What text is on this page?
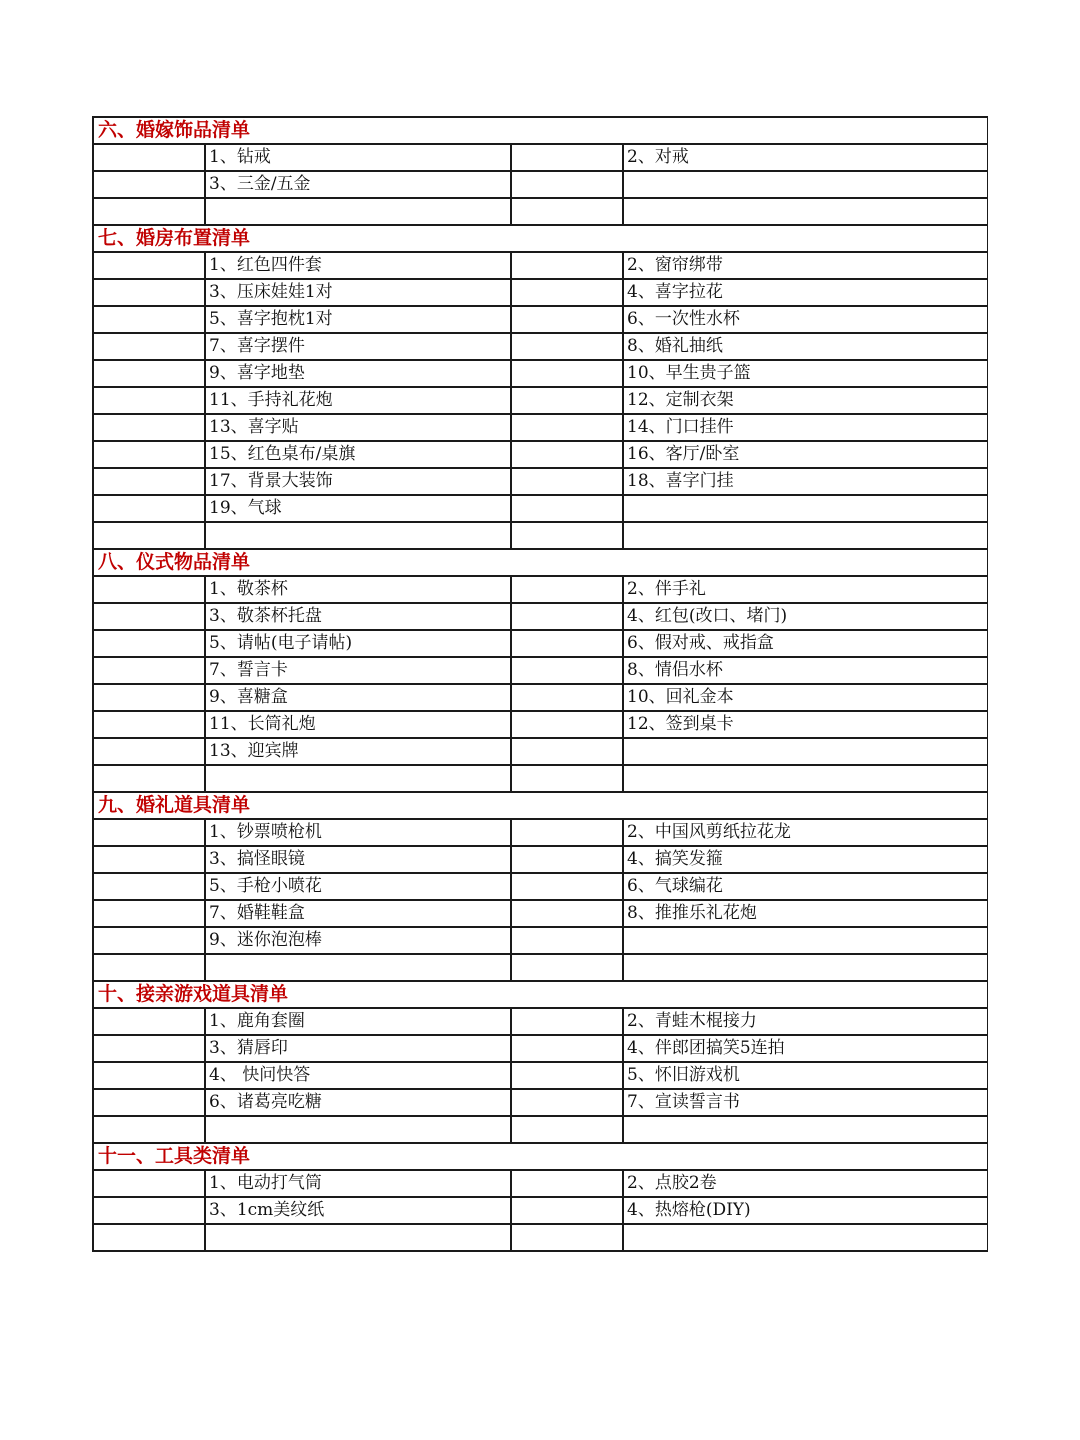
六、婚嫁饰品清单			
	1、钻戒		2、对戒
	3、三金/五金		

七、婚房布置清单			
	1、红色四件套		2、窗帘绑带
	3、压床娃娃1对		4、喜字拉花
	5、喜字抱枕1对		6、一次性水杯
	7、喜字摆件		8、婚礼抽纸
	9、喜字地垫		10、早生贵子篮
	11、手持礼花炮		12、定制衣架
	13、喜字贴		14、门口挂件
	15、红色桌布/桌旗		16、客厅/卧室
	17、背景大装饰		18、喜字门挂
	19、气球		

八、仪式物品清单			
	1、敬茶杯		2、伴手礼
	3、敬茶杯托盘		4、红包(改口、堵门)
	5、请帖(电子请帖)		6、假对戒、戒指盒
	7、誓言卡		8、情侣水杯
	9、喜糖盒		10、回礼金本
	11、长筒礼炮		12、签到桌卡
	13、迎宾牌		

九、婚礼道具清单			
	1、钞票喷枪机		2、中国风剪纸拉花龙
	3、搞怪眼镜		4、搞笑发箍
	5、手枪小喷花		6、气球编花
	7、婚鞋鞋盒		8、推推乐礼花炮
	9、迷你泡泡棒		

十、接亲游戏道具清单			
	1、鹿角套圈		2、青蛙木棍接力
	3、猜唇印		4、伴郎团搞笑5连拍
	4、 快问快答		5、怀旧游戏机
	6、诸葛亮吃糖		7、宣读誓言书

十一、工具类清单			
	1、电动打气筒		2、点胶2卷
	3、1cm美纹纸		4、热熔枪(DIY)
